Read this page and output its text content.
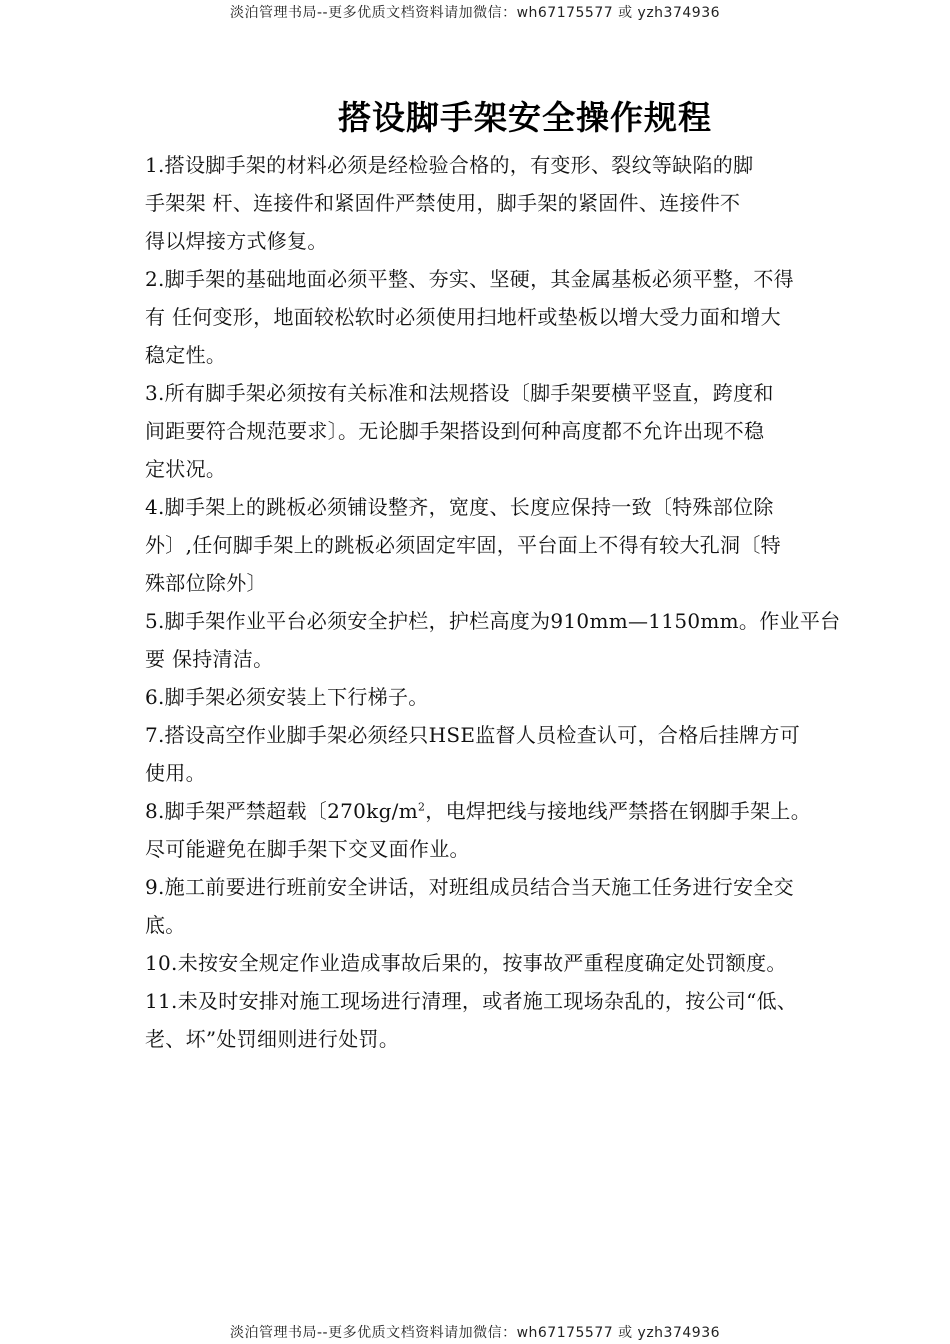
淡泊管理书局--更多优质文档资料请加微信：wh67175577 或 yzh374936
搭设脚手架安全操作规程
1.搭设脚手架的材料必须是经检验合格的，有变形、裂纹等缺陷的脚
手架架 杆、连接件和紧固件严禁使用，脚手架的紧固件、连接件不
得以焊接方式修复。
2.脚手架的基础地面必须平整、夯实、坚硬，其金属基板必须平整，不得
有 任何变形，地面较松软时必须使用扫地杆或垫板以增大受力面和增大
稳定性。
3.所有脚手架必须按有关标准和法规搭设〔脚手架要横平竖直，跨度和
间距要符合规范要求〕。无论脚手架搭设到何种高度都不允许出现不稳
定状况。
4.脚手架上的跳板必须铺设整齐，宽度、长度应保持一致〔特殊部位除
外〕,任何脚手架上的跳板必须固定牢固，平台面上不得有较大孔洞〔特
殊部位除外〕
5.脚手架作业平台必须安全护栏，护栏高度为910mm—1150mm。作业平台
要 保持清洁。
6.脚手架必须安装上下行梯子。
7.搭设高空作业脚手架必须经只HSE监督人员检查认可，合格后挂牌方可
使用。
8.脚手架严禁超载〔$270kg/m^2$，电焊把线与接地线严禁搭在钢脚手架上。
尽可能避免在脚手架下交叉面作业。
9.施工前要进行班前安全讲话，对班组成员结合当天施工任务进行安全交
底。
10.未按安全规定作业造成事故后果的，按事故严重程度确定处罚额度。
11.未及时安排对施工现场进行清理，或者施工现场杂乱的，按公司“低、
老、坏”处罚细则进行处罚。
淡泊管理书局--更多优质文档资料请加微信：wh67175577 或 yzh374936
